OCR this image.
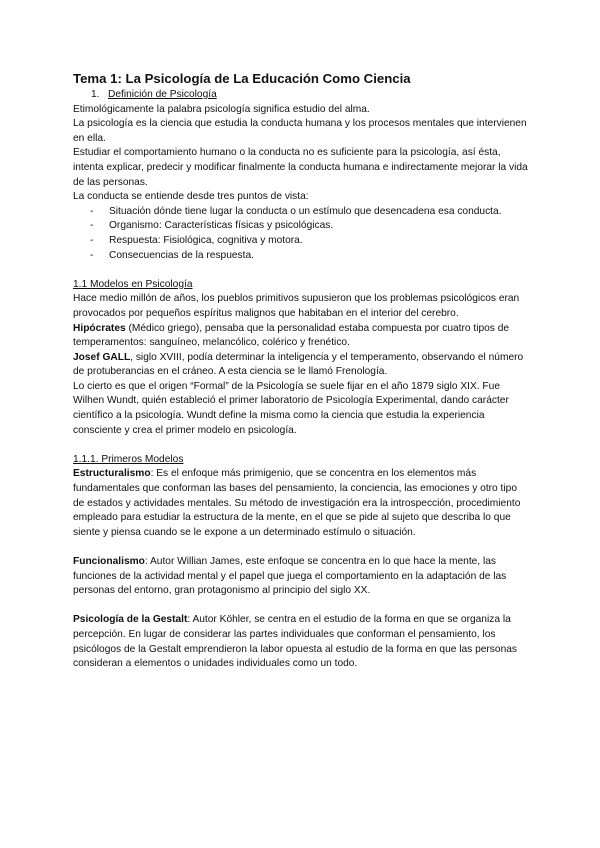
Tema 1: La Psicología de La Educación Como Ciencia
1. Definición de Psicología

Etimológicamente la palabra psicología significa estudio del alma.

La psicología es la ciencia que estudia la conducta humana y los procesos mentales que intervienen en ella.

Estudiar el comportamiento humano o la conducta no es suficiente para la psicología, así ésta, intenta explicar, predecir y modificar finalmente la conducta humana e indirectamente mejorar la vida de las personas.

La conducta se entiende desde tres puntos de vista:

- Situación dónde tiene lugar la conducta o un estímulo que desencadena esa conducta.
- Organismo: Características físicas y psicológicas.
- Respuesta: Fisiológica, cognitiva y motora.
- Consecuencias de la respuesta.

1.1 Modelos en Psicología

Hace medio millón de años, los pueblos primitivos supusieron que los problemas psicológicos eran provocados por pequeños espíritus malignos que habitaban en el interior del cerebro.

Hipócrates (Médico griego), pensaba que la personalidad estaba compuesta por cuatro tipos de temperamentos: sanguíneo, melancólico, colérico y frenético.

Josef GALL, siglo XVIII, podía determinar la inteligencia y el temperamento, observando el número de protuberancias en el cráneo. A esta ciencia se le llamó Frenología.

Lo cierto es que el origen “Formal” de la Psicología se suele fijar en el año 1879 siglo XIX. Fue Wilhen Wundt, quién estableció el primer laboratorio de Psicología Experimental, dando carácter científico a la psicología. Wundt define la misma como la ciencia que estudia la experiencia consciente y crea el primer modelo en psicología.

1.1.1. Primeros Modelos

Estructuralismo: Es el enfoque más primigenio, que se concentra en los elementos más fundamentales que conforman las bases del pensamiento, la conciencia, las emociones y otro tipo de estados y actividades mentales. Su método de investigación era la introspección, procedimiento empleado para estudiar la estructura de la mente, en el que se pide al sujeto que describa lo que siente y piensa cuando se le expone a un determinado estímulo o situación.

Funcionalismo: Autor Willian James, este enfoque se concentra en lo que hace la mente, las funciones de la actividad mental y el papel que juega el comportamiento en la adaptación de las personas del entorno, gran protagonismo al principio del siglo XX.

Psicología de la Gestalt: Autor Köhler, se centra en el estudio de la forma en que se organiza la percepción. En lugar de considerar las partes individuales que conforman el pensamiento, los psicólogos de la Gestalt emprendieron la labor opuesta al estudio de la forma en que las personas consideran a elementos o unidades individuales como un todo.
